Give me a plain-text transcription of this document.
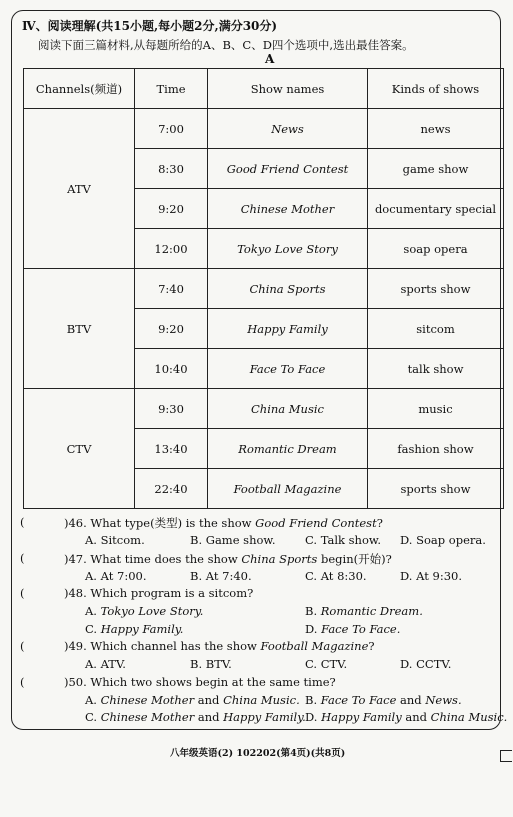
Ⅳ、阅读理解(共15小题,每小题2分,满分30分)
阅读下面三篇材料,从每题所给的A、B、C、D四个选项中,选出最佳答案。
A
Channels(频道)	Time	Show names	Kinds of shows
ATV	7:00	News	news
	8:30	Good Friend Contest	game show
	9:20	Chinese Mother	documentary special
	12:00	Tokyo Love Story	soap opera
BTV	7:40	China Sports	sports show
	9:20	Happy Family	sitcom
	10:40	Face To Face	talk show
CTV	9:30	China Music	music
	13:40	Romantic Dream	fashion show
	22:40	Football Magazine	sports show
(	)46. What type(类型) is the show Good Friend Contest?
A. Sitcom.	B. Game show.	C. Talk show. D. Soap opera.
(	)47. What time does the show China Sports begin(开始)?
A. At 7:00.	B. At 7:40.	C. At 8:30.	D. At 9:30.
(	)48. Which program is a sitcom?
A. Tokyo Love Story.	B. Romantic Dream.
C. Happy Family.	D. Face To Face.
(	)49. Which channel has the show Football Magazine?
A. ATV.	B. BTV.	C. CTV.	D. CCTV.
(	)50. Which two shows begin at the same time?
A. Chinese Mother and China Music. B. Face To Face and News.
C. Chinese Mother and Happy Family. D. Happy Family and China Music.
八年级英语(2) 102202(第4页)(共8页)
